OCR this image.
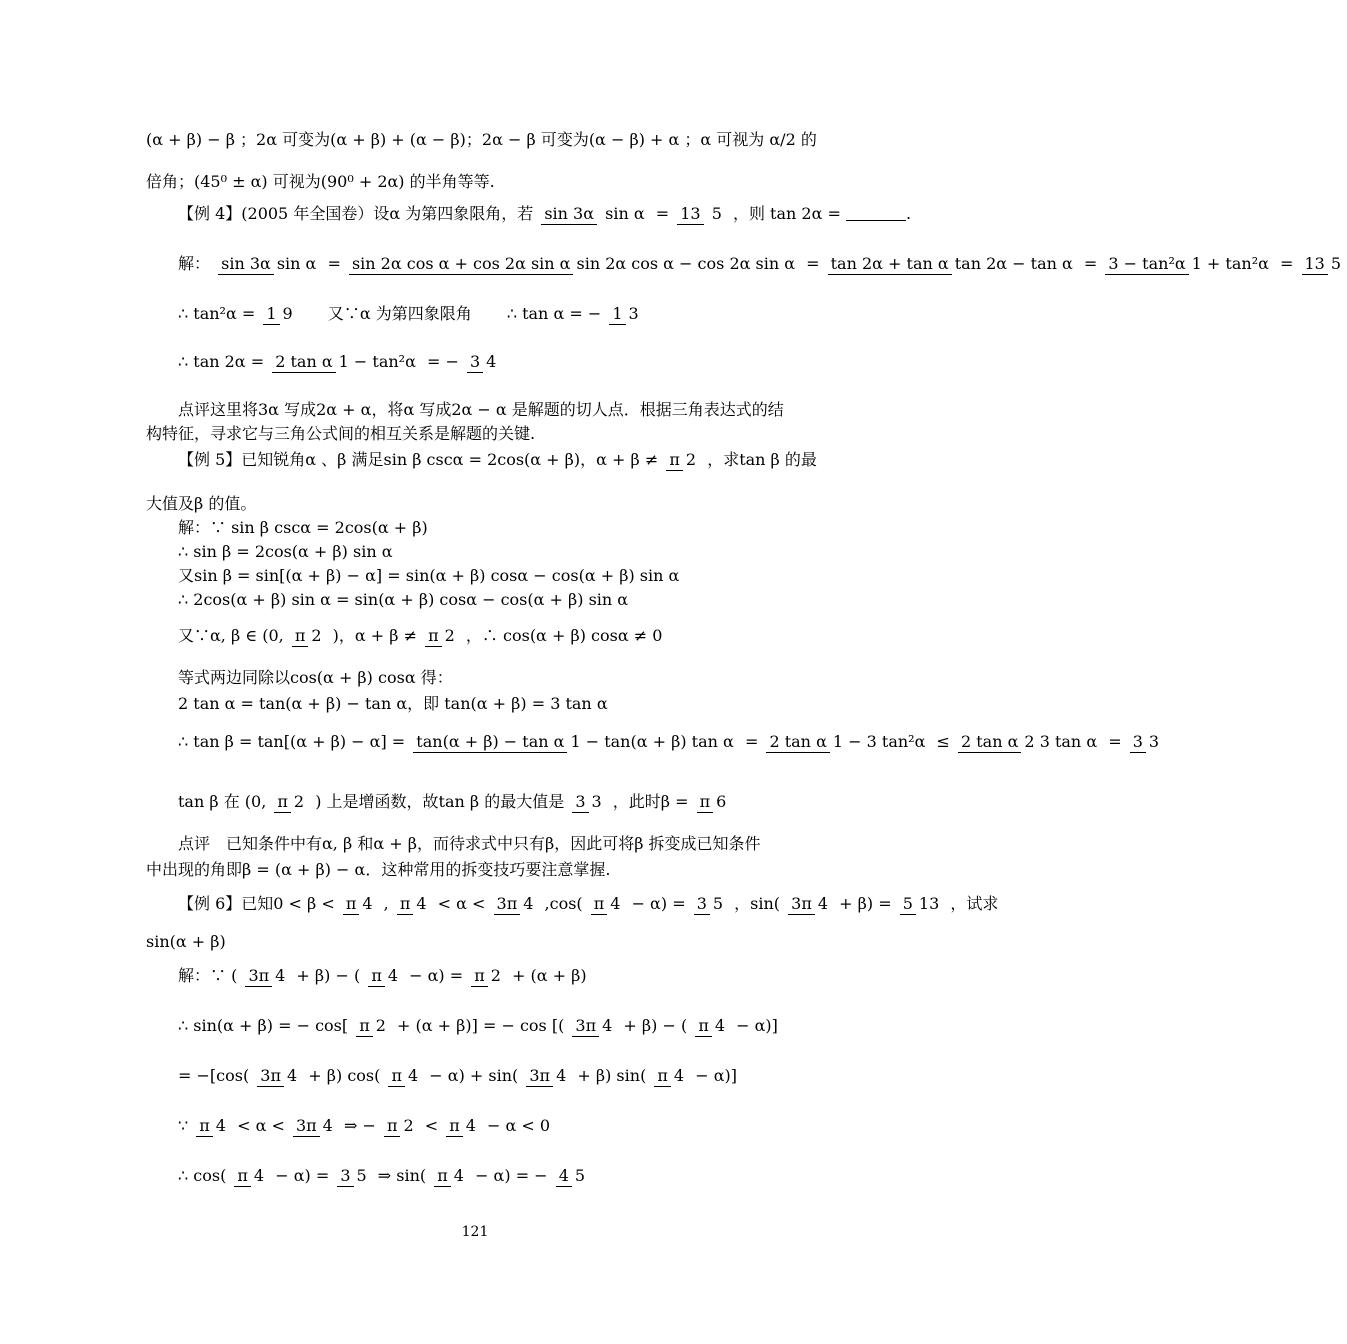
(α + β) − β ；2α 可变为(α + β) + (α − β)；2α − β 可变为(α − β) + α ；α 可视为 α/2 的
倍角；(45⁰ ± α) 可视为(90⁰ + 2α) 的半角等等.
【例 4】(2005 年全国卷）设α 为第四象限角，若 sin 3α sin α = 13 5 ，则 tan 2α =	.
解： sin 3α sin α = sin 2α cos α + cos 2α sin α sin 2α cos α − cos 2α sin α = tan 2α + tan α tan 2α − tan α = 3 − tan²α 1 + tan²α = 13 5
∴ tan²α = 1 9 又∵α 为第四象限角 ∴ tan α = − 1 3
∴ tan 2α = 2 tan α 1 − tan²α = − 3 4
点评这里将3α 写成2α + α，将α 写成2α − α 是解题的切人点．根据三角表达式的结
构特征，寻求它与三角公式间的相互关系是解题的关键.
【例 5】已知锐角α 、β 满足sin β cscα = 2cos(α + β)，α + β ≠ π 2 ，求tan β 的最
大值及β 的值。
解：∵ sin β cscα = 2cos(α + β)
∴ sin β = 2cos(α + β) sin α
又sin β = sin[(α + β) − α] = sin(α + β) cosα − cos(α + β) sin α
∴ 2cos(α + β) sin α = sin(α + β) cosα − cos(α + β) sin α
又∵α, β ∈ (0, π 2 )，α + β ≠ π 2 ，∴ cos(α + β) cosα ≠ 0
等式两边同除以cos(α + β) cosα 得：
2 tan α = tan(α + β) − tan α，即 tan(α + β) = 3 tan α
∴ tan β = tan[(α + β) − α] = tan(α + β) − tan α 1 − tan(α + β) tan α = 2 tan α 1 − 3 tan²α ≤ 2 tan α 2 3 tan α = 3 3
tan β 在 (0, π 2 ) 上是增函数，故tan β 的最大值是 3 3 ，此时β = π 6
点评　已知条件中有α, β 和α + β，而待求式中只有β，因此可将β 拆变成已知条件
中出现的角即β = (α + β) − α．这种常用的拆变技巧要注意掌握.
【例 6】已知0 < β < π 4 , π 4 < α < 3π 4 ,cos( π 4 − α) = 3 5 ，sin( 3π 4 + β) = 5 13 ，试求
sin(α + β)
解：∵ ( 3π 4 + β) − ( π 4 − α) = π 2 + (α + β)
∴ sin(α + β) = − cos[ π 2 + (α + β)] = − cos [( 3π 4 + β) − ( π 4 − α)]
= −[cos( 3π 4 + β) cos( π 4 − α) + sin( 3π 4 + β) sin( π 4 − α)]
∵ π 4 < α < 3π 4 ⇒ − π 2 < π 4 − α < 0
∴ cos( π 4 − α) = 3 5 ⇒ sin( π 4 − α) = − 4 5
121
